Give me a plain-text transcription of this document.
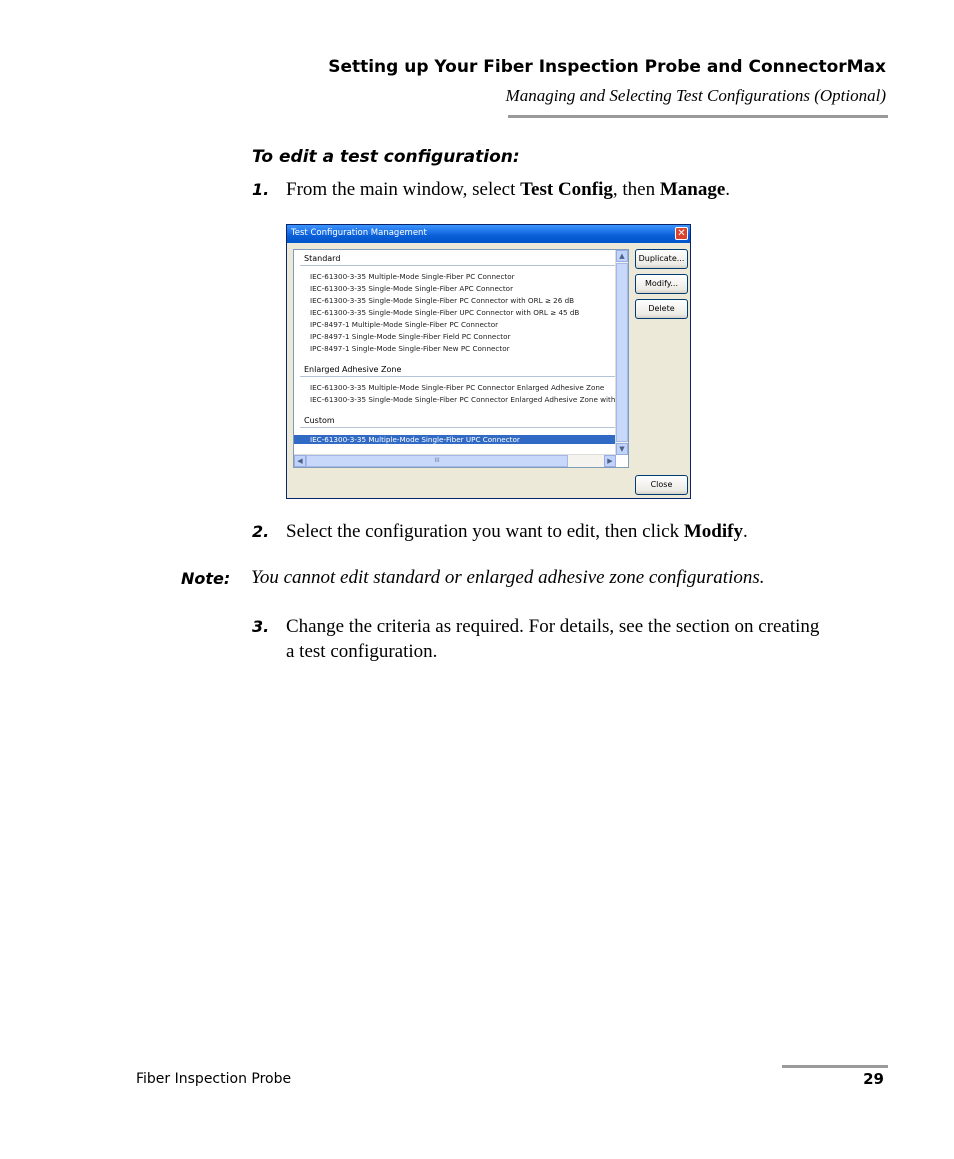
Setting up Your Fiber Inspection Probe and ConnectorMax
Managing and Selecting Test Configurations (Optional)
To edit a test configuration:
1. From the main window, select Test Config, then Manage.
Test Configuration Management	✕
Standard
IEC-61300-3-35 Multiple-Mode Single-Fiber PC Connector
IEC-61300-3-35 Single-Mode Single-Fiber APC Connector
IEC-61300-3-35 Single-Mode Single-Fiber PC Connector with ORL ≥ 26 dB
IEC-61300-3-35 Single-Mode Single-Fiber UPC Connector with ORL ≥ 45 dB
IPC-8497-1 Multiple-Mode Single-Fiber PC Connector
IPC-8497-1 Single-Mode Single-Fiber Field PC Connector
IPC-8497-1 Single-Mode Single-Fiber New PC Connector
Enlarged Adhesive Zone
IEC-61300-3-35 Multiple-Mode Single-Fiber PC Connector Enlarged Adhesive Zone
IEC-61300-3-35 Single-Mode Single-Fiber PC Connector Enlarged Adhesive Zone with
Custom
IEC-61300-3-35 Multiple-Mode Single-Fiber UPC Connector
▲
▼
◀	III	▶
Duplicate...
Modify...
Delete
Close
2. Select the configuration you want to edit, then click Modify.
Note: You cannot edit standard or enlarged adhesive zone configurations.
3. Change the criteria as required. For details, see the section on creating
a test configuration.
Fiber Inspection Probe	29
